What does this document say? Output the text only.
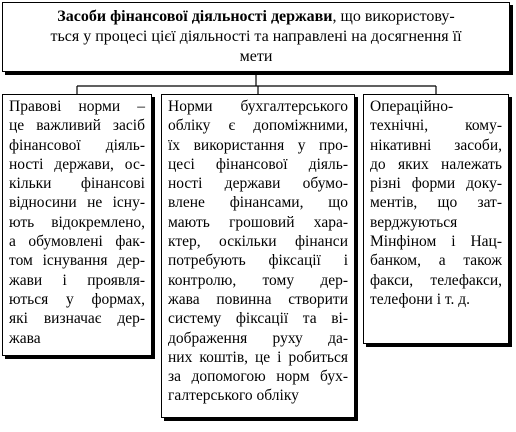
Засоби фінансової діяльності держави, що використову-
ться у процесі цієї діяльності та направлені на досягнення її
мети
Правові норми –
це важливий засіб
фінансової діяль-
ності держави, ос-
кільки фінансові
відносини не існу-
ють відокремлено,
а обумовлені фак-
том існування дер-
жави і проявля-
ються у формах,
які визначає дер-
жава
Норми бухгалтерського
обліку є допоміжними,
їх використання у про-
цесі фінансової діяль-
ності держави обумо-
влене фінансами, що
мають грошовий хара-
ктер, оскільки фінанси
потребують фіксації і
контролю, тому дер-
жава повинна створити
систему фіксації та ві-
дображення руху да-
них коштів, це і робиться
за допомогою норм бух-
галтерського обліку
Операційно-
технічні, кому-
нікативні засоби,
до яких належать
різні форми доку-
ментів, що зат-
верджуються
Мінфіном і Нац-
банком, а також
факси, телефакси,
телефони і т. д.
